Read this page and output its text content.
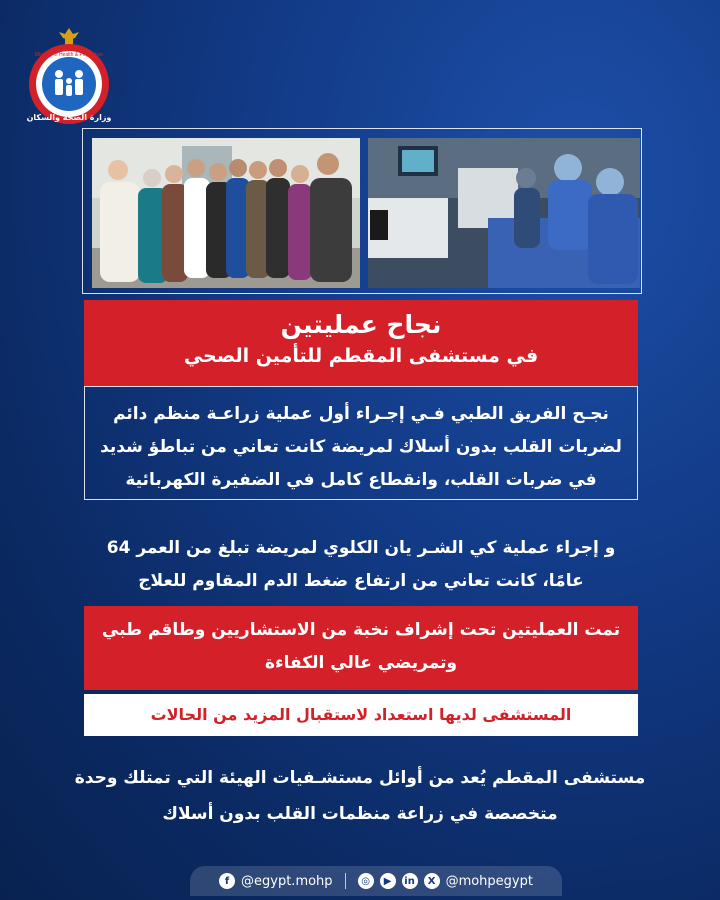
Ministry of Health & Population
وزارة الصحة والسكان
نجاح عمليتين
في مستشفى المقطم للتأمين الصحي
نجـح الفريق الطبي فـي إجـراء أول عملية زراعـة منظم دائم لضربات القلب بدون أسلاك لمريضة كانت تعاني من تباطؤ شديد في ضربات القلب، وانقطاع كامل في الضفيرة الكهربائية
و إجراء عملية كي الشـر يان الكلوي لمريضة تبلغ من العمر 64 عامًا، كانت تعاني من ارتفاع ضغط الدم المقاوم للعلاج
تمت العمليتين تحت إشراف نخبة من الاستشاريين وطاقم طبي وتمريضي عالي الكفاءة
المستشفى لديها استعداد لاستقبال المزيد من الحالات
مستشفى المقطم يُعد من أوائل مستشـفيات الهيئة التي تمتلك وحدة متخصصة في زراعة منظمات القلب بدون أسلاك
f @egypt.mohp	◎	▶	in	X @mohpegypt
